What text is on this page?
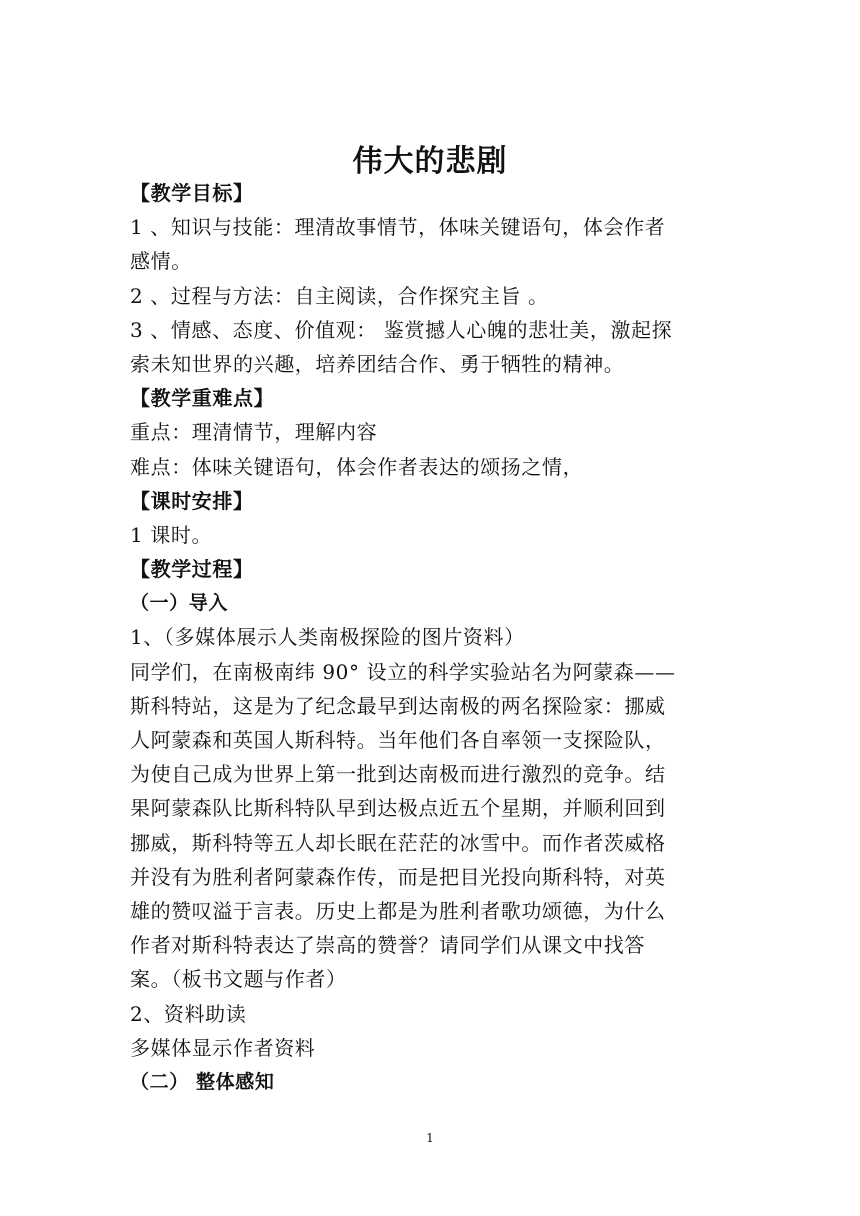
伟大的悲剧
【教学目标】
1 、知识与技能：理清故事情节，体味关键语句，体会作者
感情。
2 、过程与方法：自主阅读，合作探究主旨 。
3 、情感、态度、价值观： 鉴赏撼人心魄的悲壮美，激起探
索未知世界的兴趣，培养团结合作、勇于牺牲的精神。
【教学重难点】
重点：理清情节，理解内容
难点：体味关键语句，体会作者表达的颂扬之情，
【课时安排】
1 课时。
【教学过程】
（一）导入
1、（多媒体展示人类南极探险的图片资料）
同学们，在南极南纬 90° 设立的科学实验站名为阿蒙森——
斯科特站，这是为了纪念最早到达南极的两名探险家：挪威
人阿蒙森和英国人斯科特。当年他们各自率领一支探险队，
为使自己成为世界上第一批到达南极而进行激烈的竞争。结
果阿蒙森队比斯科特队早到达极点近五个星期，并顺利回到
挪威，斯科特等五人却长眠在茫茫的冰雪中。而作者茨威格
并没有为胜利者阿蒙森作传，而是把目光投向斯科特，对英
雄的赞叹溢于言表。历史上都是为胜利者歌功颂德，为什么
作者对斯科特表达了崇高的赞誉？请同学们从课文中找答
案。（板书文题与作者）
2、资料助读
多媒体显示作者资料
（二） 整体感知
1
